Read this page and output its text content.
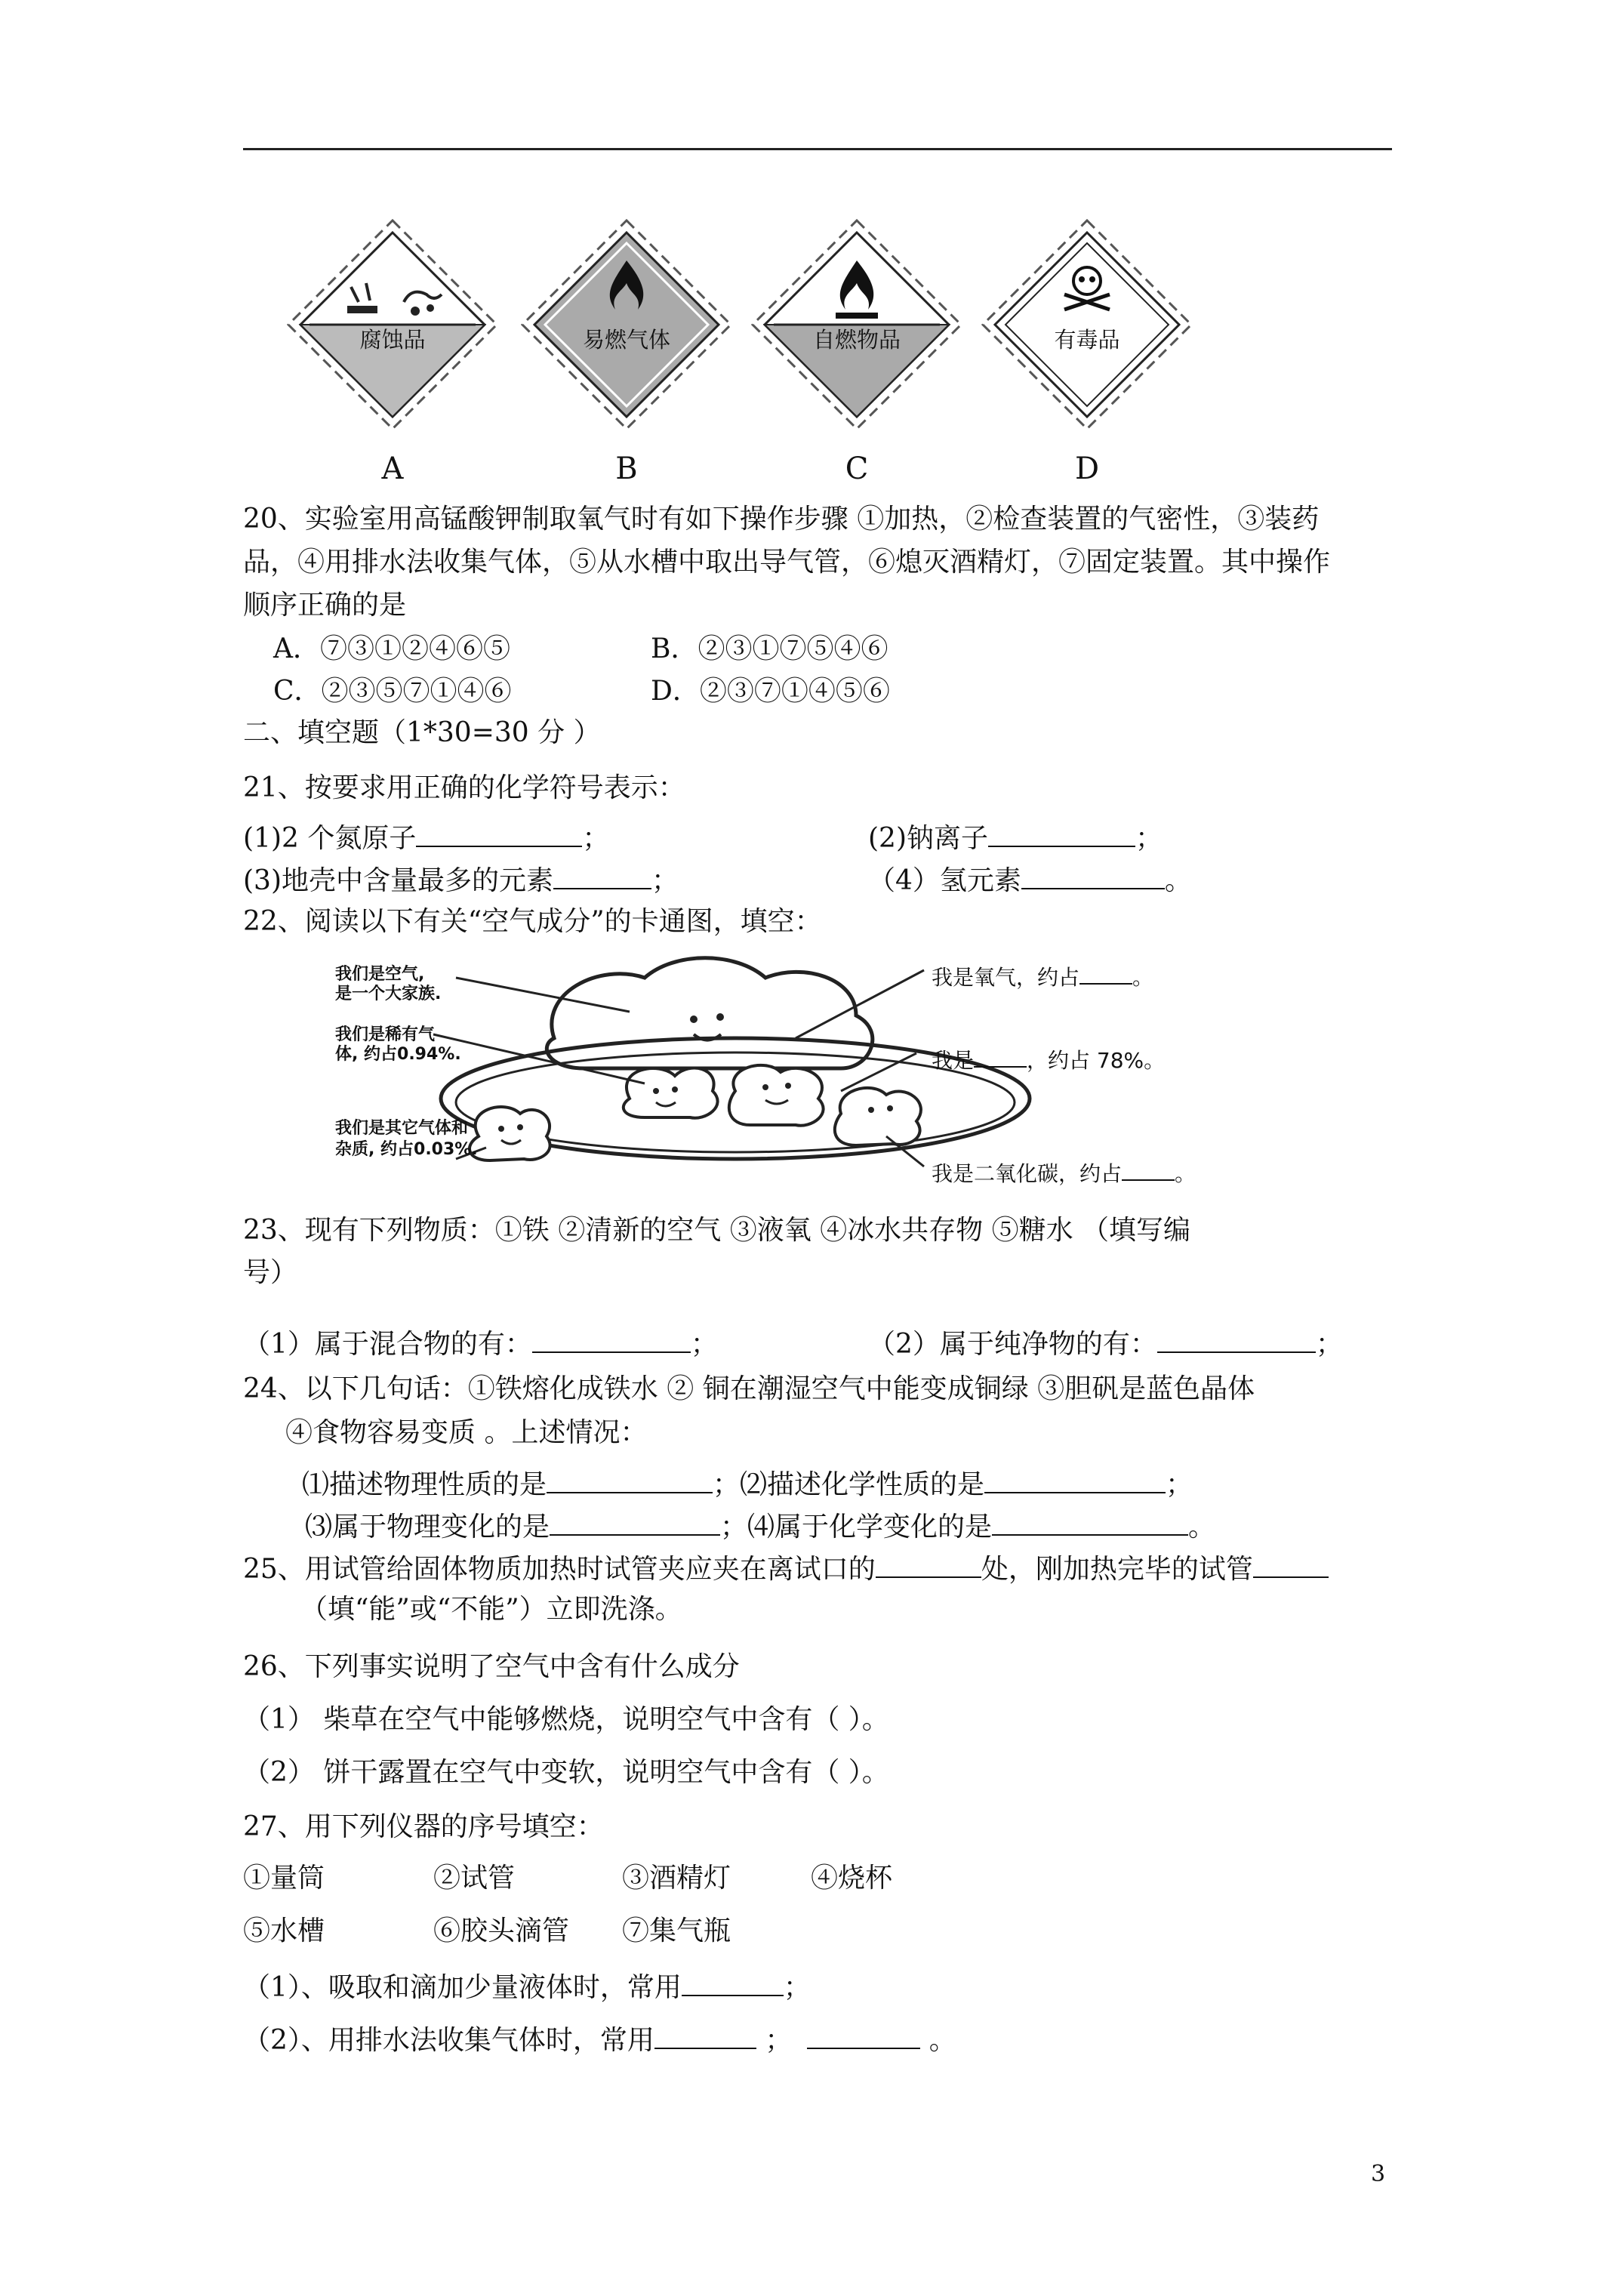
腐蚀品
A
易燃气体
B
自燃物品
C
有毒品
D
20、实验室用高锰酸钾制取氧气时有如下操作步骤 ①加热，②检查装置的气密性，③装药
品，④用排水法收集气体，⑤从水槽中取出导气管，⑥熄灭酒精灯，⑦固定装置。其中操作
顺序正确的是
A．⑦③①②④⑥⑤	B．②③①⑦⑤④⑥
C．②③⑤⑦①④⑥	D．②③⑦①④⑤⑥
二、填空题（1*30=30 分 ）
21、按要求用正确的化学符号表示：
(1)2 个氮原子	；	(2)钠离子	；
(3)地壳中含量最多的元素	；	（4）氢元素	。
22、阅读以下有关“空气成分”的卡通图，填空：
我们是空气,
是一个大家族.
我们是稀有气
体, 约占0.94%.
我们是其它气体和
杂质, 约占0.03%.
我是氧气，约占	。
我是	，约占 78%。
我是二氧化碳，约占	。
23、现有下列物质：①铁 ②清新的空气 ③液氧 ④冰水共存物 ⑤糖水 （填写编
号）
（1）属于混合物的有：	；	（2）属于纯净物的有：	；
24、以下几句话：①铁熔化成铁水 ② 铜在潮湿空气中能变成铜绿 ③胆矾是蓝色晶体
④食物容易变质 。上述情况：
⑴描述物理性质的是	；⑵描述化学性质的是	；
⑶属于物理变化的是	；⑷属于化学变化的是	。
25、用试管给固体物质加热时试管夹应夹在离试口的	处，刚加热完毕的试管
（填“能”或“不能”）立即洗涤。
26、下列事实说明了空气中含有什么成分
（1） 柴草在空气中能够燃烧，说明空气中含有（ ）。
（2） 饼干露置在空气中变软，说明空气中含有（ ）。
27、用下列仪器的序号填空：
①量筒	②试管	③酒精灯	④烧杯
⑤水槽	⑥胶头滴管 ⑦集气瓶
（1）、吸取和滴加少量液体时，常用	；
（2）、用排水法收集气体时，常用	；	。
3
